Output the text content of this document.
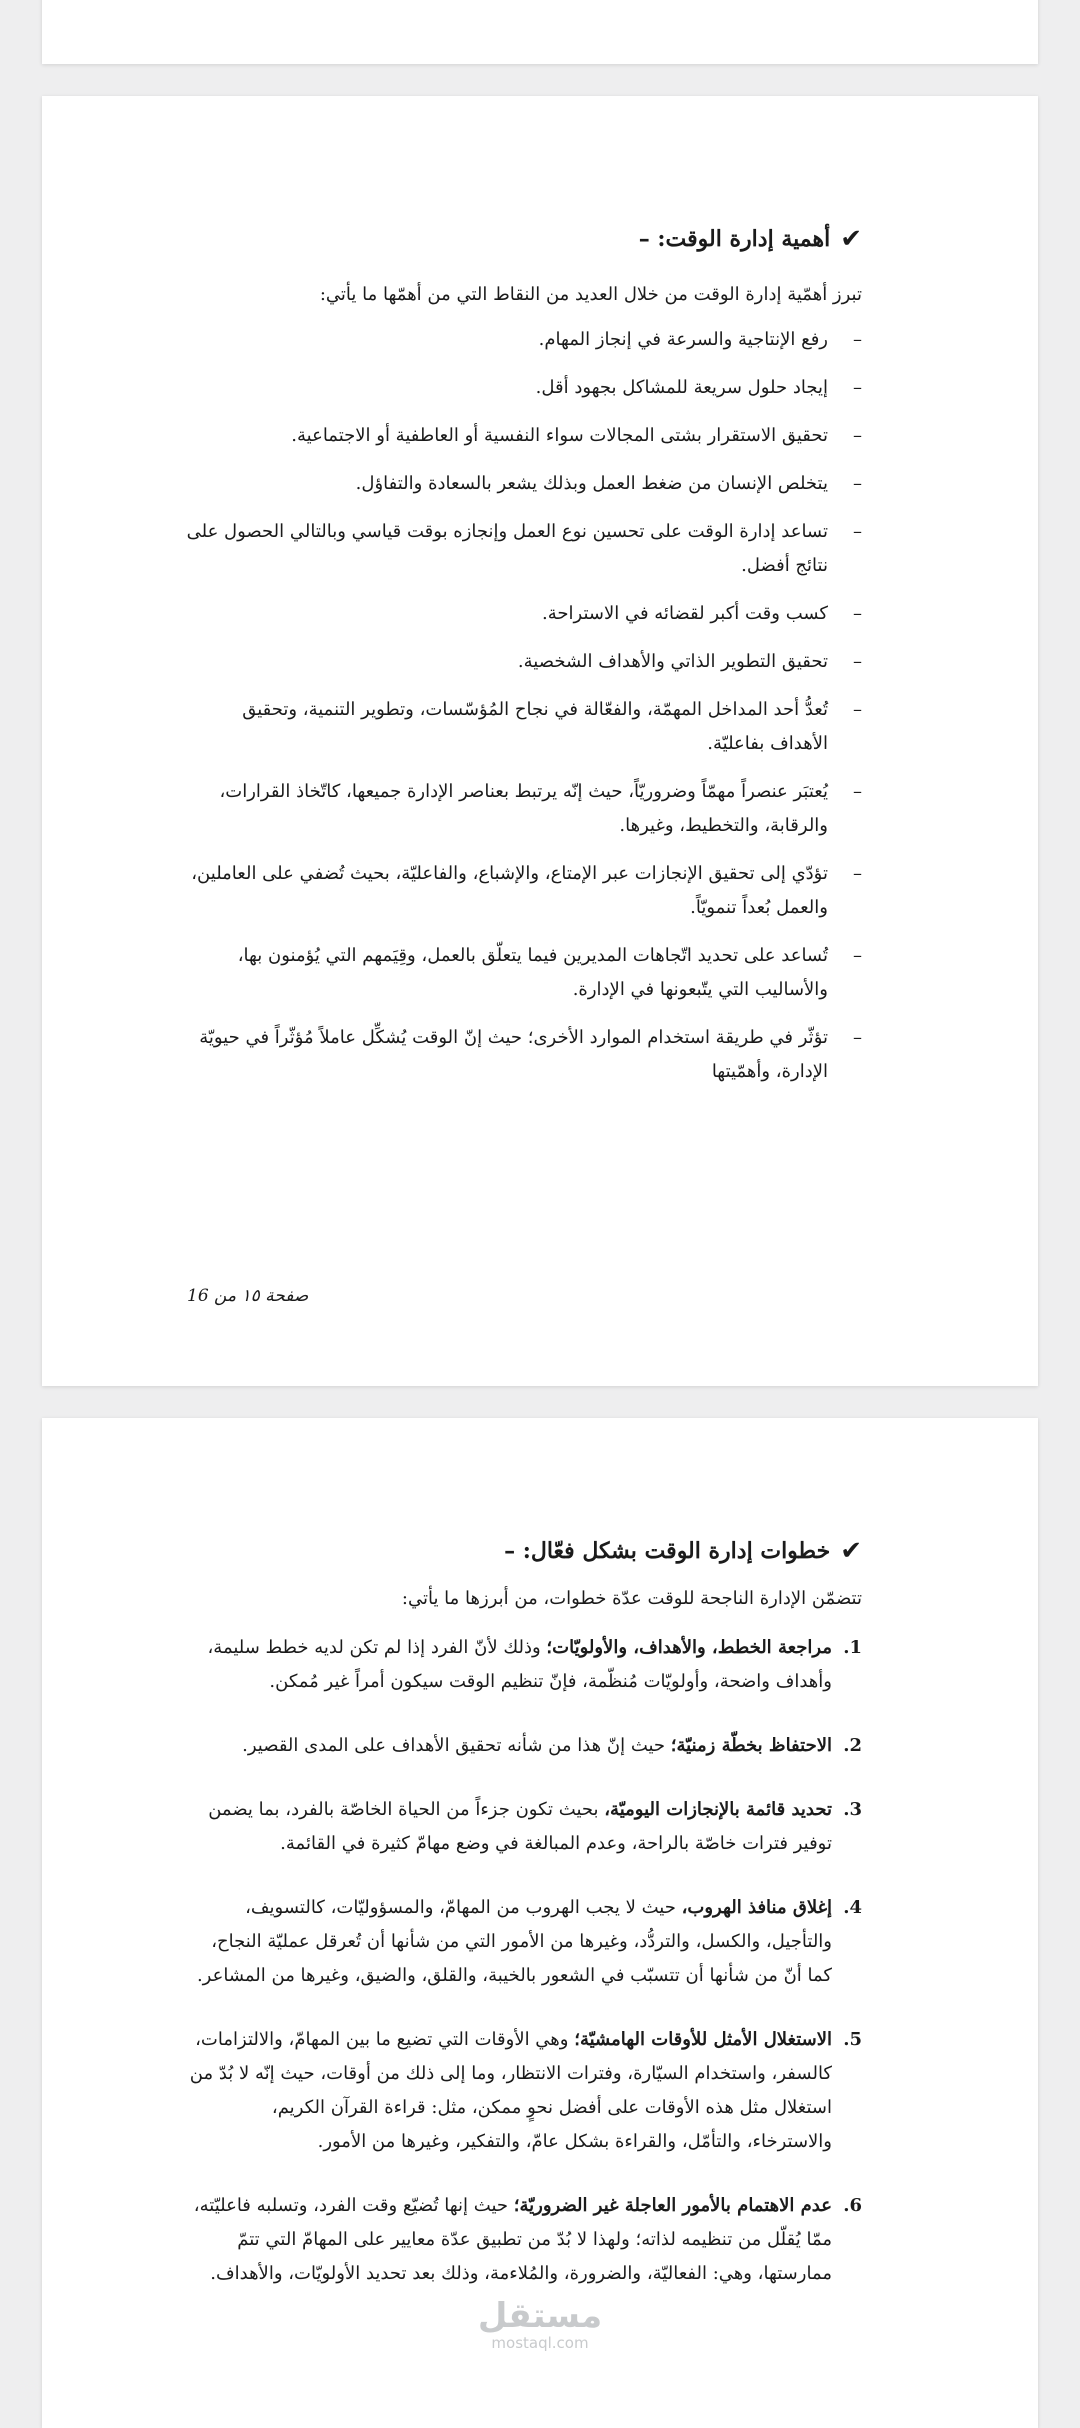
✔
أهمية إدارة الوقت: –
تبرز أهمّية إدارة الوقت من خلال العديد من النقاط التي من أهمّها ما يأتي:
–
رفع الإنتاجية والسرعة في إنجاز المهام.
–
إيجاد حلول سريعة للمشاكل بجهود أقل.
–
تحقيق الاستقرار بشتى المجالات سواء النفسية أو العاطفية أو الاجتماعية.
–
يتخلص الإنسان من ضغط العمل وبذلك يشعر بالسعادة والتفاؤل.
–
تساعد إدارة الوقت على تحسين نوع العمل وإنجازه بوقت قياسي وبالتالي الحصول على نتائج أفضل.
–
كسب وقت أكبر لقضائه في الاستراحة.
–
تحقيق التطوير الذاتي والأهداف الشخصية.
–
تُعدُّ أحد المداخل المهمّة، والفعّالة في نجاح المُؤسّسات، وتطوير التنمية، وتحقيق الأهداف بفاعليّة.
–
يُعتبَر عنصراً مهمّاً وضروريّاً، حيث إنّه يرتبط بعناصر الإدارة جميعها، كاتّخاذ القرارات، والرقابة، والتخطيط، وغيرها.
–
تؤدّي إلى تحقيق الإنجازات عبر الإمتاع، والإشباع، والفاعليّة، بحيث تُضفي على العاملين، والعمل بُعداً تنمويّاً.
–
تُساعد على تحديد اتّجاهات المديرين فيما يتعلّق بالعمل، وقِيَمهم التي يُؤمنون بها، والأساليب التي يتّبعونها في الإدارة.
–
تؤثّر في طريقة استخدام الموارد الأخرى؛ حيث إنّ الوقت يُشكِّل عاملاً مُؤثّراً في حيويّة الإدارة، وأهمّيتها
صفحة ١٥ من 16
✔
خطوات إدارة الوقت بشكل فعّال: –
تتضمّن الإدارة الناجحة للوقت عدّة خطوات، من أبرزها ما يأتي:
1.
مراجعة الخطط، والأهداف، والأولويّات؛ وذلك لأنّ الفرد إذا لم تكن لديه خطط سليمة، وأهداف واضحة، وأولويّات مُنظّمة، فإنّ تنظيم الوقت سيكون أمراً غير مُمكن.
2.
الاحتفاظ بخطّة زمنيّة؛ حيث إنّ هذا من شأنه تحقيق الأهداف على المدى القصير.
3.
تحديد قائمة بالإنجازات اليوميّة، بحيث تكون جزءاً من الحياة الخاصّة بالفرد، بما يضمن توفير فترات خاصّة بالراحة، وعدم المبالغة في وضع مهامّ كثيرة في القائمة.
4.
إغلاق منافذ الهروب، حيث لا يجب الهروب من المهامّ، والمسؤوليّات، كالتسويف، والتأجيل، والكسل، والتردُّد، وغيرها من الأمور التي من شأنها أن تُعرقل عمليّة النجاح، كما أنّ من شأنها أن تتسبّب في الشعور بالخيبة، والقلق، والضيق، وغيرها من المشاعر.
5.
الاستغلال الأمثل للأوقات الهامشيّة؛ وهي الأوقات التي تضيع ما بين المهامّ، والالتزامات، كالسفر، واستخدام السيّارة، وفترات الانتظار، وما إلى ذلك من أوقات، حيث إنّه لا بُدّ من استغلال مثل هذه الأوقات على أفضل نحوٍ ممكن، مثل: قراءة القرآن الكريم، والاسترخاء، والتأمّل، والقراءة بشكل عامّ، والتفكير، وغيرها من الأمور.
6.
عدم الاهتمام بالأمور العاجلة غير الضروريّة؛ حيث إنها تُضيّع وقت الفرد، وتسلبه فاعليّته، ممّا يُقلّل من تنظيمه لذاته؛ ولهذا لا بُدّ من تطبيق عدّة معايير على المهامّ التي تتمّ ممارستها، وهي: الفعاليّة، والضرورة، والمُلاءمة، وذلك بعد تحديد الأولويّات، والأهداف.
مستقل
mostaql.com
